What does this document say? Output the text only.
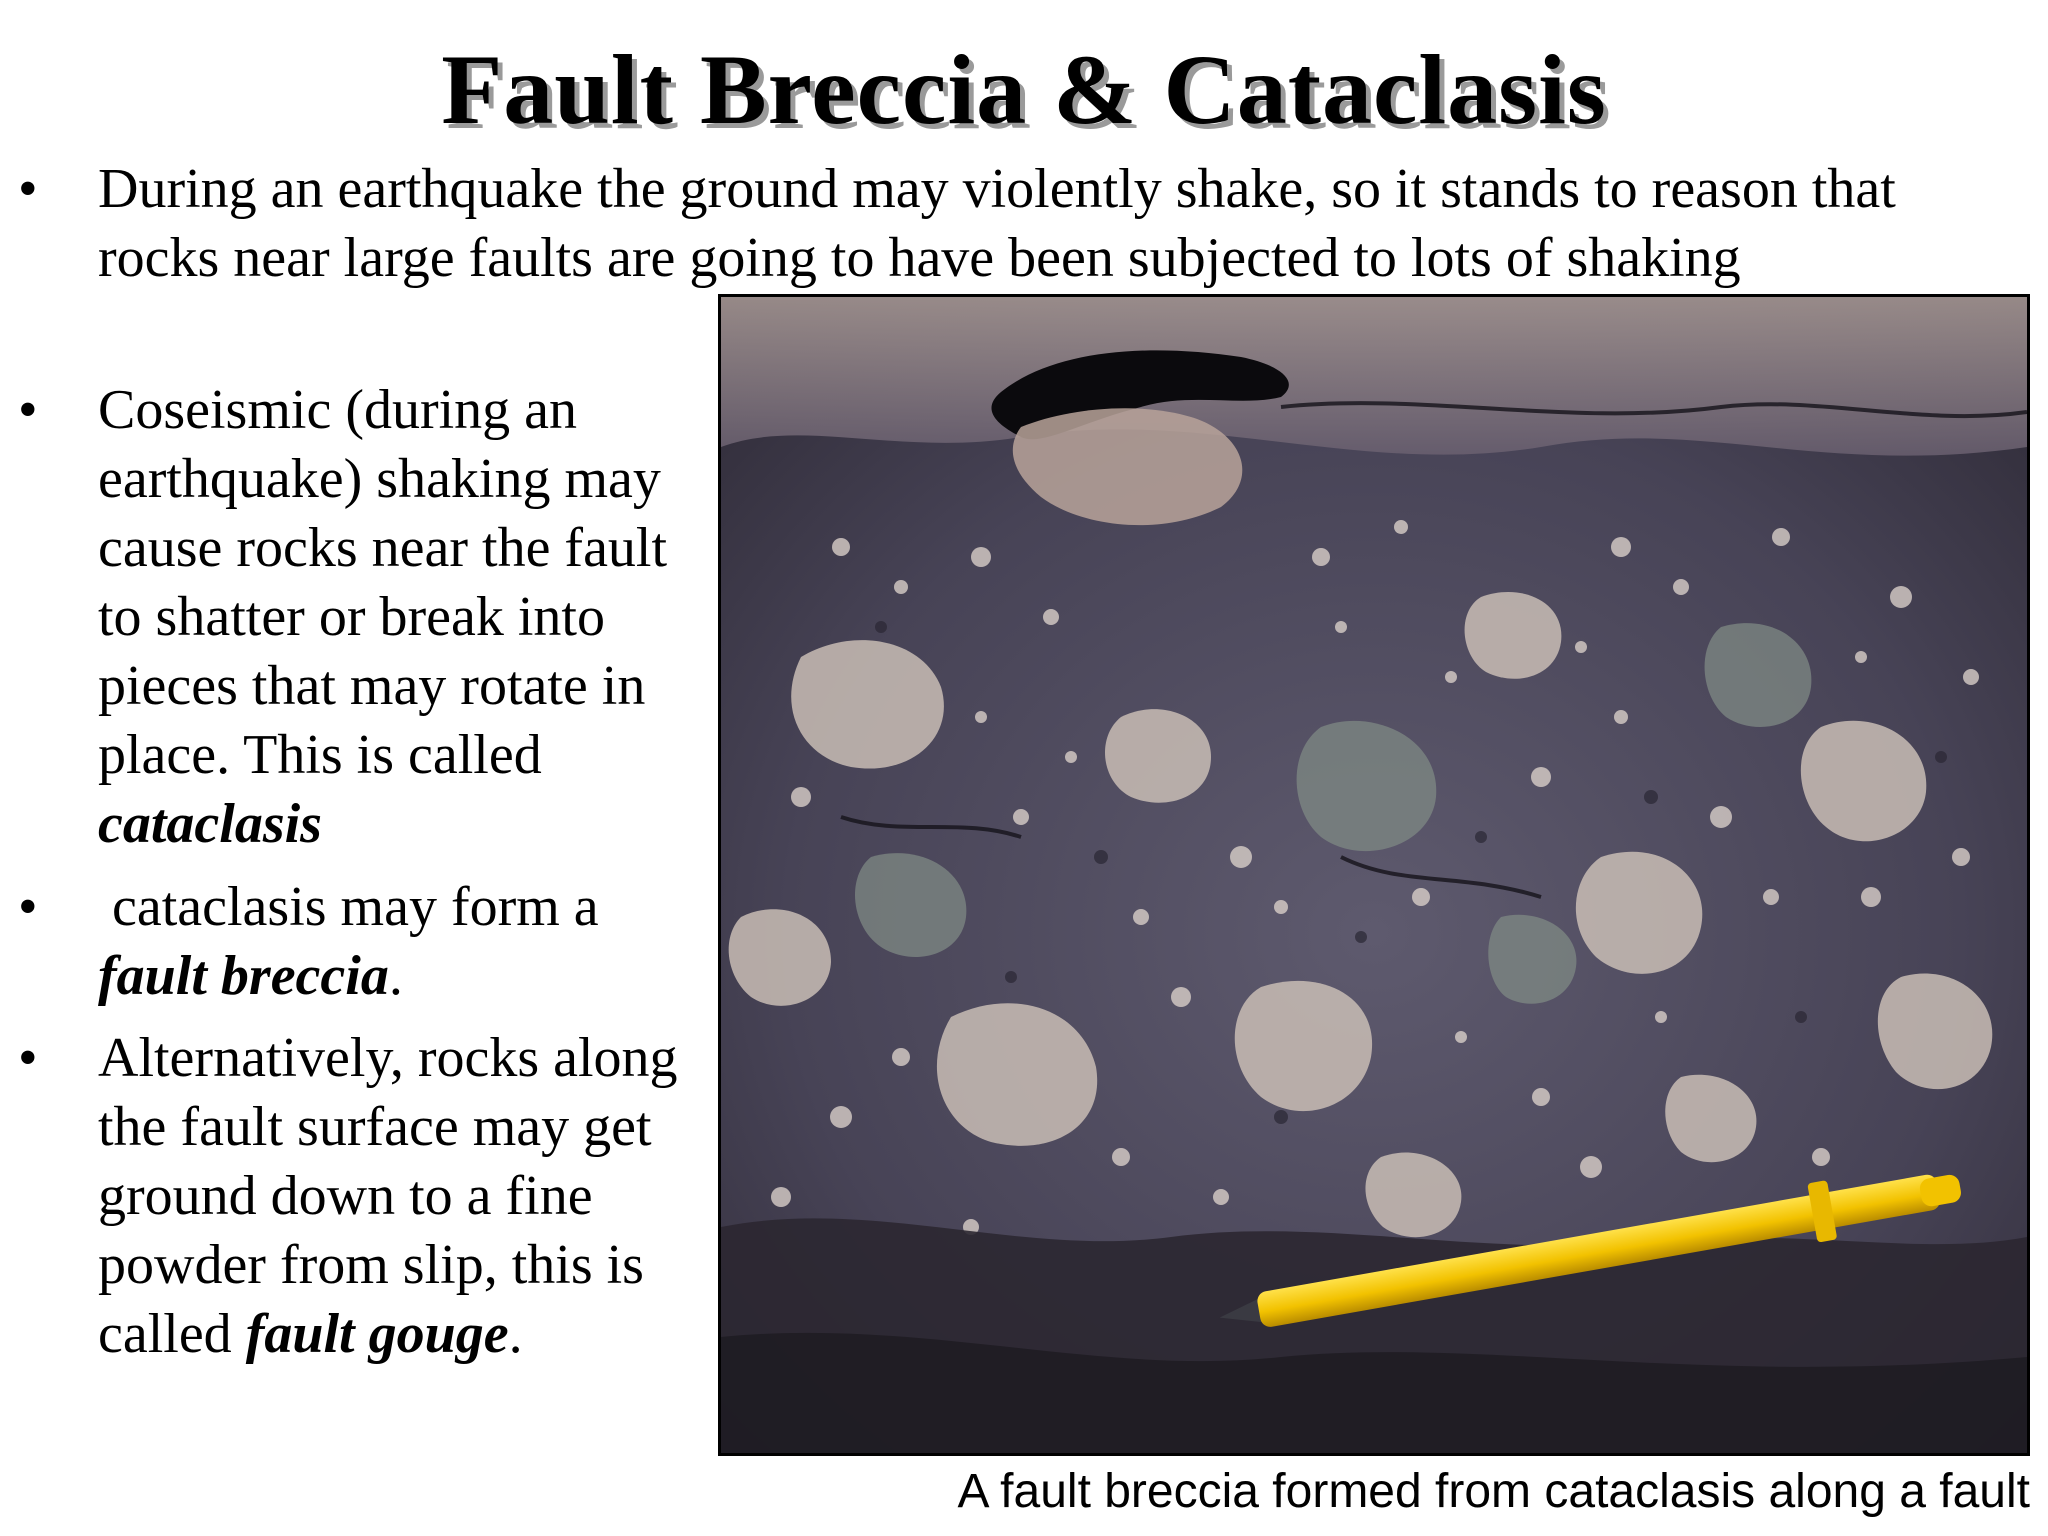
Fault Breccia & Cataclasis
• During an earthquake the ground may violently shake, so it stands to reason that rocks near large faults are going to have been subjected to lots of shaking
• Coseismic (during an earthquake) shaking may cause rocks near the fault to shatter or break into pieces that may rotate in place. This is called cataclasis
• cataclasis may form a fault breccia.
• Alternatively, rocks along the fault surface may get ground down to a fine powder from slip, this is called fault gouge.
A fault breccia formed from cataclasis along a fault
